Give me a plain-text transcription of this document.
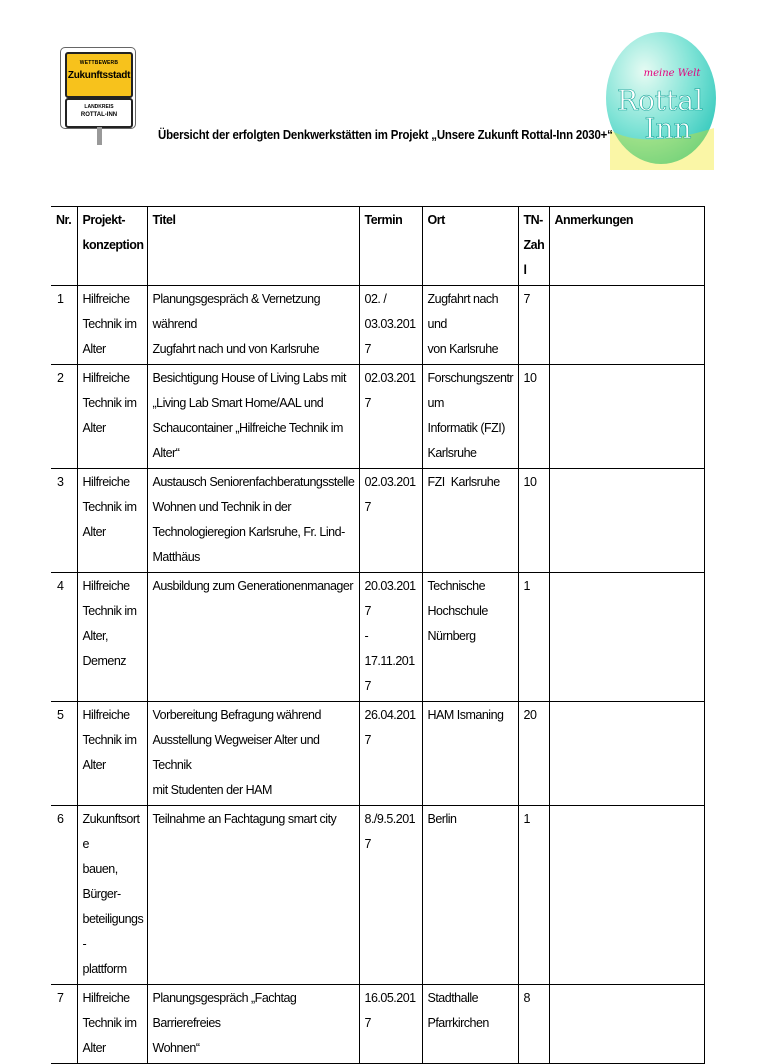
WETTBEWERB
Zukunftsstadt
LANDKREIS
ROTTAL-INN
meine Welt
Rottal
Inn
Übersicht der erfolgten Denkwerkstätten im Projekt „Unsere Zukunft Rottal-Inn 2030+“
Nr.	Projekt-
konzeption	Titel	Termin	Ort	TN-
Zahl	Anmerkungen

1	Hilfreiche
Technik im
Alter	Planungsgespräch & Vernetzung während
Zugfahrt nach und von Karlsruhe	02. /
03.03.2017	Zugfahrt nach und
von Karlsruhe	7	

2	Hilfreiche
Technik im
Alter	Besichtigung House of Living Labs mit
„Living Lab Smart Home/AAL und
Schaucontainer „Hilfreiche Technik im Alter“	02.03.2017	Forschungszentrum
Informatik (FZI)
Karlsruhe	10	

3	Hilfreiche
Technik im
Alter	Austausch Seniorenfachberatungsstelle
Wohnen und Technik in der
Technologieregion Karlsruhe, Fr. Lind-
Matthäus	02.03.2017	FZI  Karlsruhe	10	

4	Hilfreiche
Technik im
Alter,
Demenz	Ausbildung zum Generationenmanager	20.03.2017
- 17.11.2017	Technische
Hochschule
Nürnberg	1	

5	Hilfreiche
Technik im
Alter	Vorbereitung Befragung während
Ausstellung Wegweiser Alter und Technik
mit Studenten der HAM	26.04.2017	HAM Ismaning	20	

6	Zukunftsorte
bauen,
Bürger-
beteiligungs-
plattform	Teilnahme an Fachtagung smart city	8./9.5.2017	Berlin	1	

7	Hilfreiche
Technik im
Alter	Planungsgespräch „Fachtag Barrierefreies
Wohnen“	16.05.2017	Stadthalle
Pfarrkirchen	8	
